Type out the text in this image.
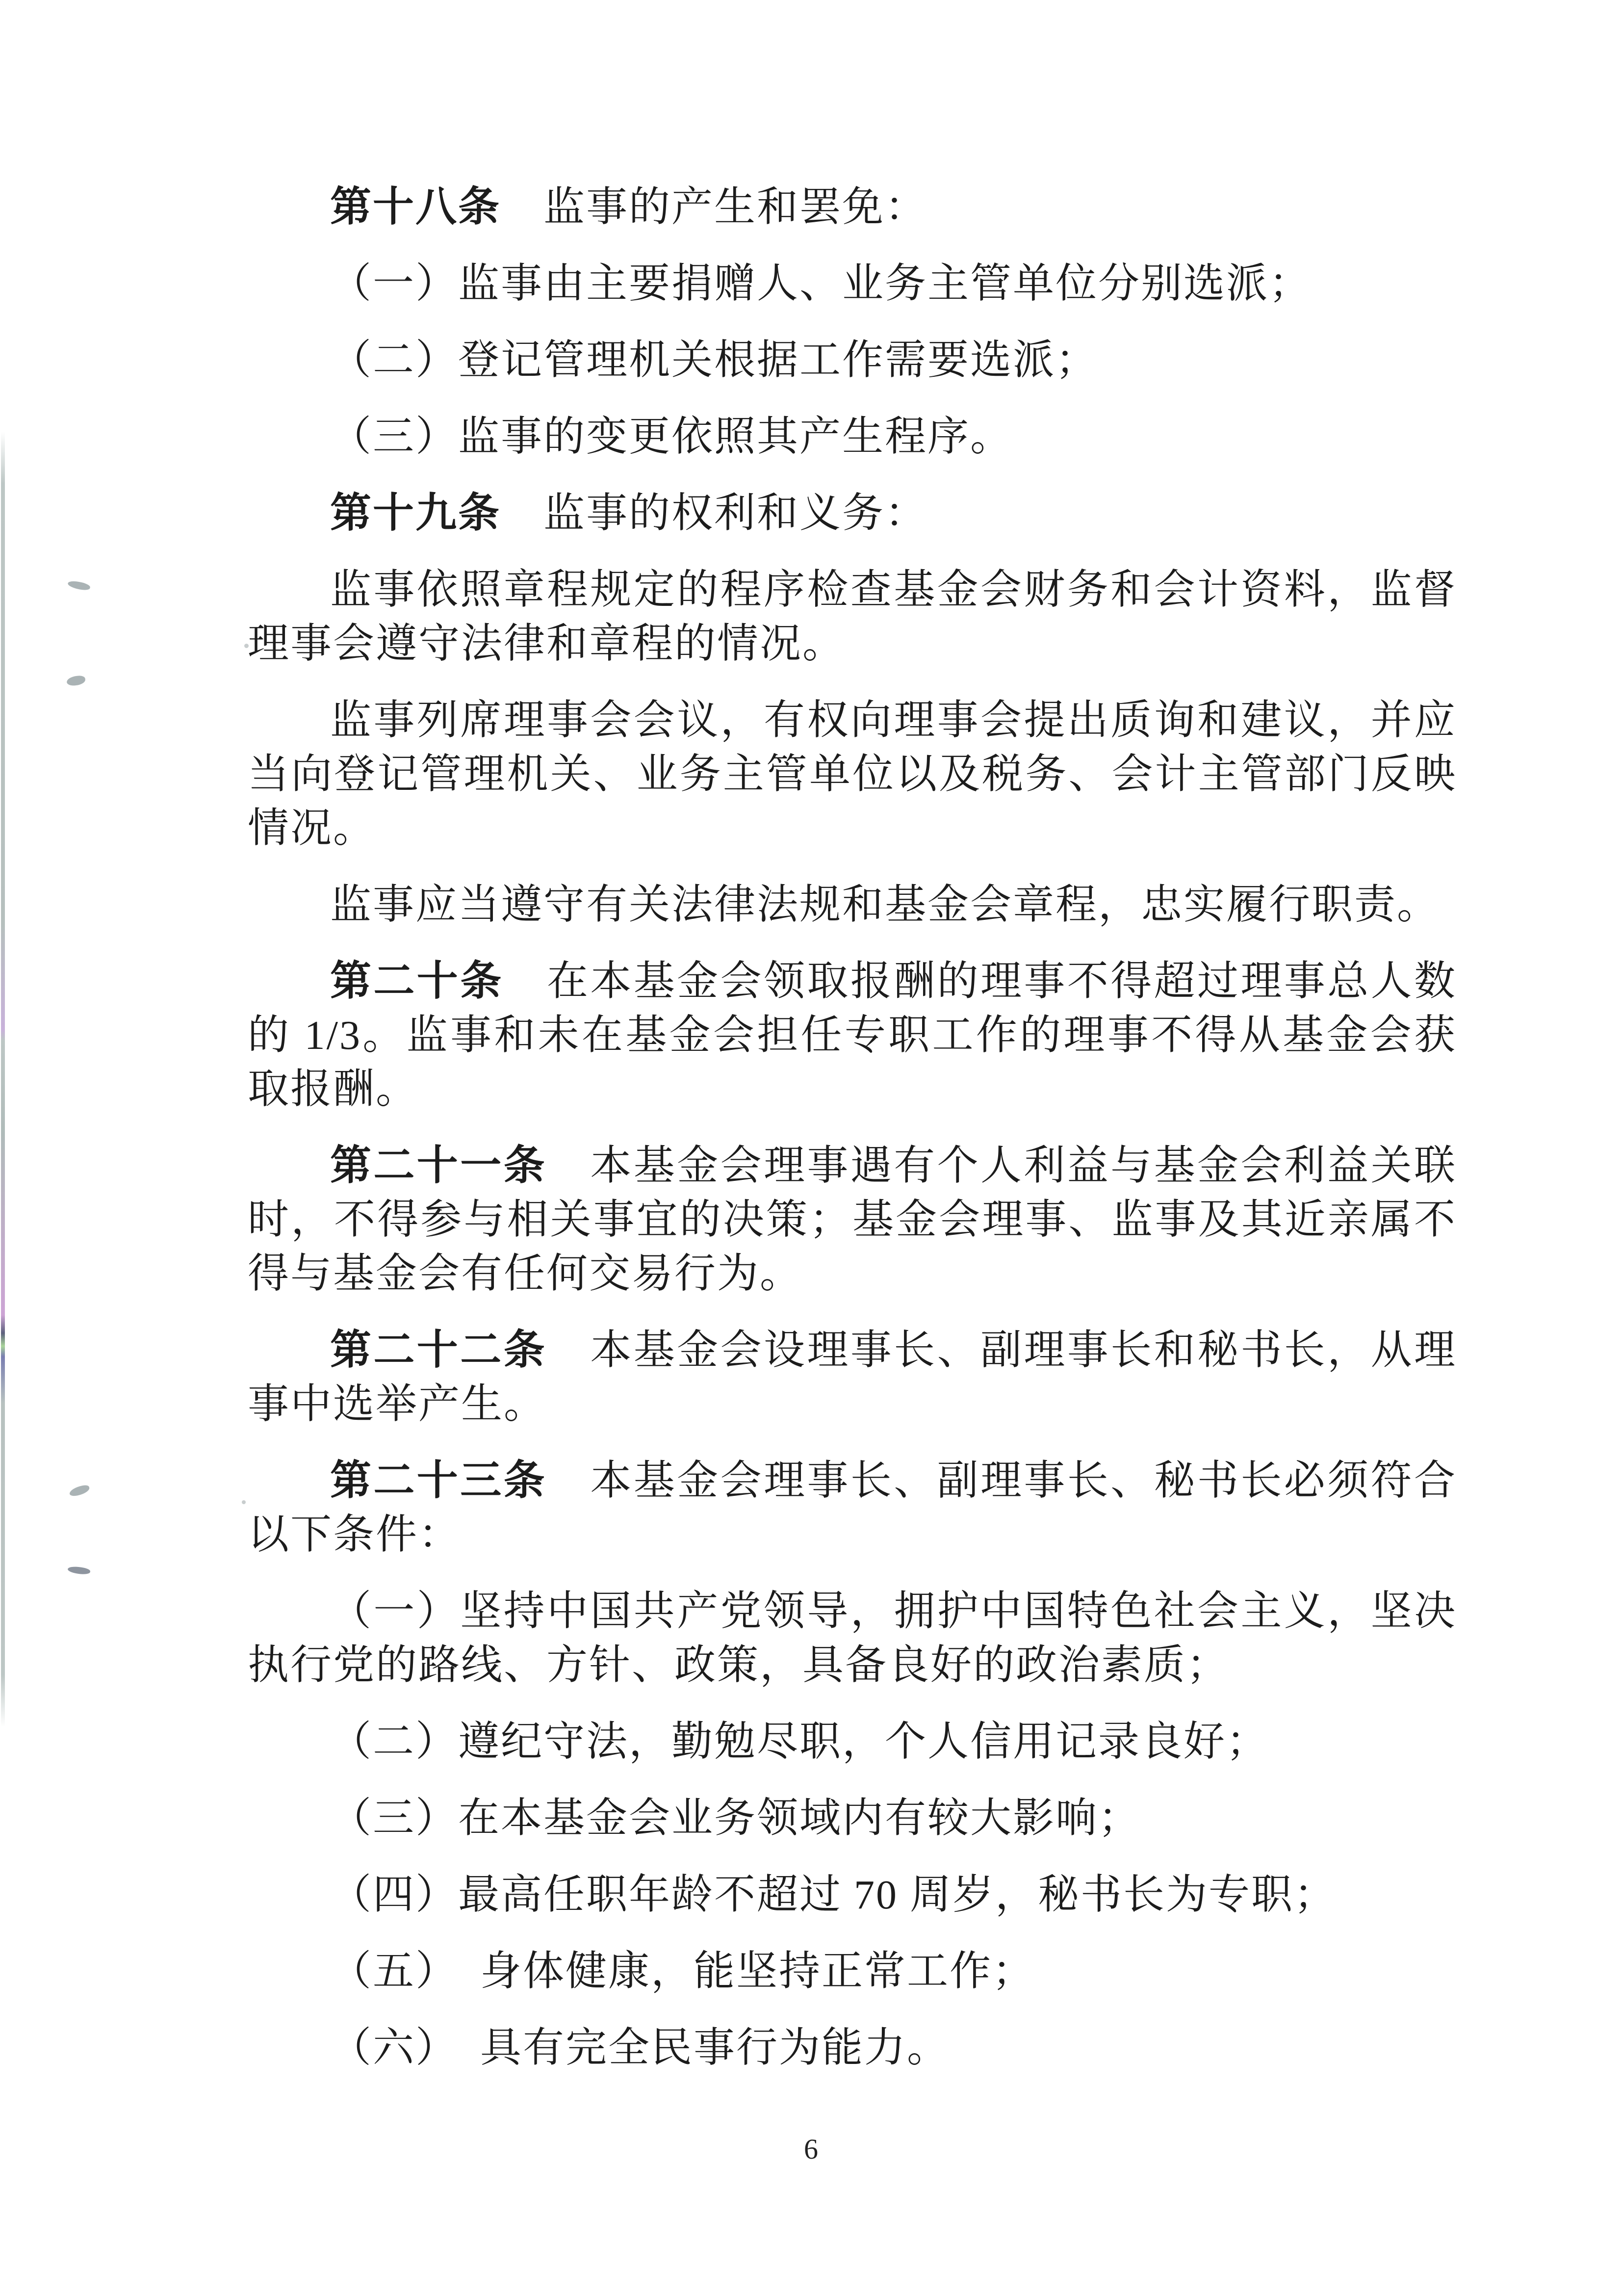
第十八条　监事的产生和罢免：

（一）监事由主要捐赠人、业务主管单位分别选派；

（二）登记管理机关根据工作需要选派；

（三）监事的变更依照其产生程序。

第十九条　监事的权利和义务：

监事依照章程规定的程序检查基金会财务和会计资料，监督理事会遵守法律和章程的情况。

监事列席理事会会议，有权向理事会提出质询和建议，并应当向登记管理机关、业务主管单位以及税务、会计主管部门反映情况。

监事应当遵守有关法律法规和基金会章程，忠实履行职责。

第二十条　在本基金会领取报酬的理事不得超过理事总人数的 1/3。监事和未在基金会担任专职工作的理事不得从基金会获取报酬。

第二十一条　本基金会理事遇有个人利益与基金会利益关联时，不得参与相关事宜的决策；基金会理事、监事及其近亲属不得与基金会有任何交易行为。

第二十二条　本基金会设理事长、副理事长和秘书长，从理事中选举产生。

第二十三条　本基金会理事长、副理事长、秘书长必须符合以下条件：

（一）坚持中国共产党领导，拥护中国特色社会主义，坚决执行党的路线、方针、政策，具备良好的政治素质；

（二）遵纪守法，勤勉尽职，个人信用记录良好；

（三）在本基金会业务领域内有较大影响；

（四）最高任职年龄不超过 70 周岁，秘书长为专职；

（五）　身体健康，能坚持正常工作；

（六）　具有完全民事行为能力。

6
